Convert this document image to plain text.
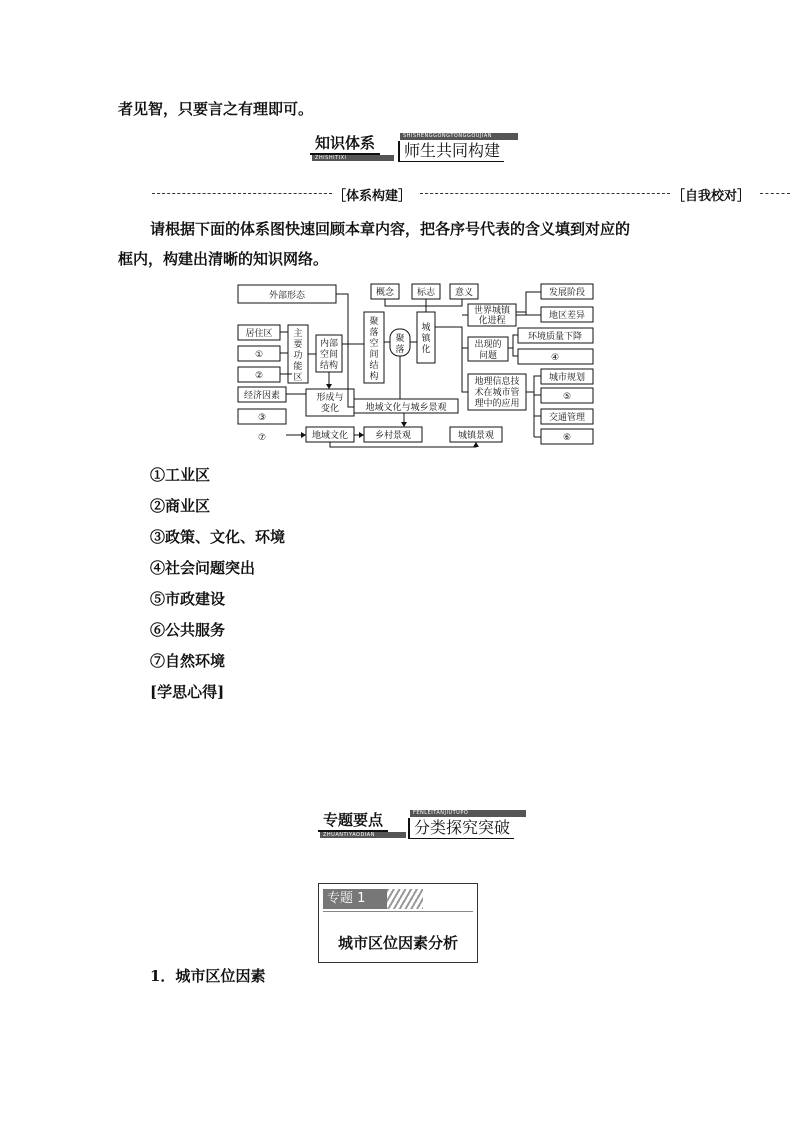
者见智，只要言之有理即可。
知识体系	SHISHENGGONGTONGGOUJIAN
ZHISHITIXI	师生共同构建
［体系构建］	［自我校对］
请根据下面的体系图快速回顾本章内容，把各序号代表的含义填到对应的
框内，构建出清晰的知识网络。
外部形态	概念	标志 意义	发展阶段
世界城镇
化进程	地区差异
居住区
①
②
主
要
功
能
区
内部
空间
结构
聚
落
空
间
结
构
聚
落
城
镇
化	出现的
问题
环境质量下降
④
经济因素
③
形成与
变化
地理信息技
术在城市管
理中的应用
城市规划
⑤
交通管理
⑥
地域文化与城乡景观
⑦	地域文化	乡村景观	城镇景观
①工业区
②商业区
③政策、文化、环境
④社会问题突出
⑤市政建设
⑥公共服务
⑦自然环境
[学思心得]
专题要点	FENLEITANJIUTUPO
ZHUANTIYAODIAN	分类探究突破
专题 1
城市区位因素分析
1．城市区位因素
